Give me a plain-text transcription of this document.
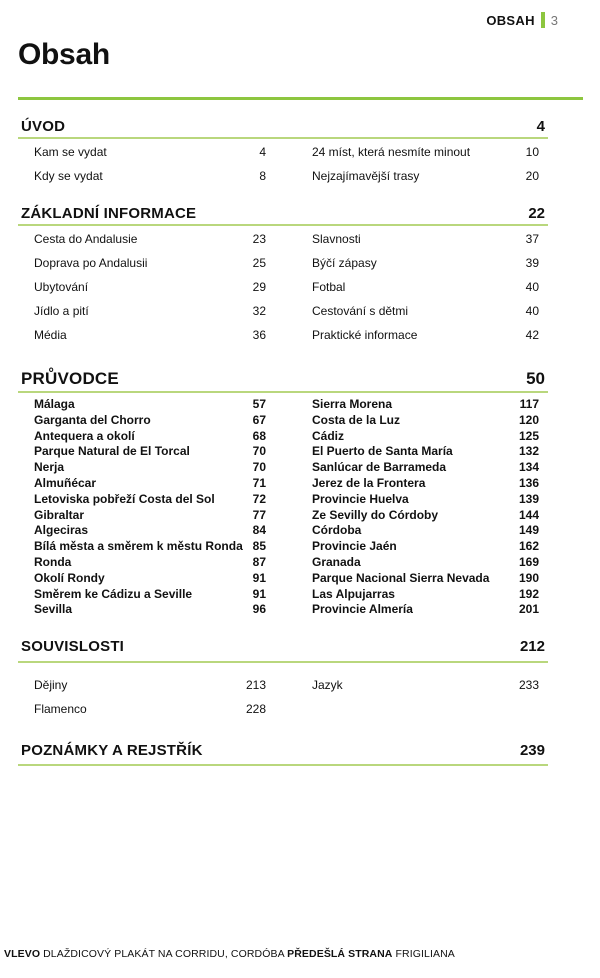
OBSAH 3
Obsah
ÚVOD	4
Kam se vydat	4
Kdy se vydat	8
24 míst, která nesmíte minout	10
Nejzajímavější trasy	20
ZÁKLADNÍ INFORMACE	22
Cesta do Andalusie	23
Doprava po Andalusii	25
Ubytování	29
Jídlo a pití	32
Média	36
Slavnosti	37
Býčí zápasy	39
Fotbal	40
Cestování s dětmi	40
Praktické informace	42
PRŮVODCE	50
Málaga	57
Garganta del Chorro	67
Antequera a okolí	68
Parque Natural de El Torcal	70
Nerja	70
Almuñécar	71
Letoviska pobřeží Costa del Sol	72
Gibraltar	77
Algeciras	84
Bílá města a směrem k městu Ronda 85
Ronda	87
Okolí Rondy	91
Směrem ke Cádizu a Seville	91
Sevilla	96
Sierra Morena	117
Costa de la Luz	120
Cádiz	125
El Puerto de Santa María	132
Sanlúcar de Barrameda	134
Jerez de la Frontera	136
Provincie Huelva	139
Ze Sevilly do Córdoby	144
Córdoba	149
Provincie Jaén	162
Granada	169
Parque Nacional Sierra Nevada 190
Las Alpujarras	192
Provincie Almería	201
SOUVISLOSTI	212
Dějiny	213
Flamenco	228
Jazyk	233
POZNÁMKY A REJSTŘÍK	239
VLEVO DLAŽDICOVÝ PLAKÁT NA CORRIDU, CORDÓBA PŘEDEŠLÁ STRANA FRIGILIANA
